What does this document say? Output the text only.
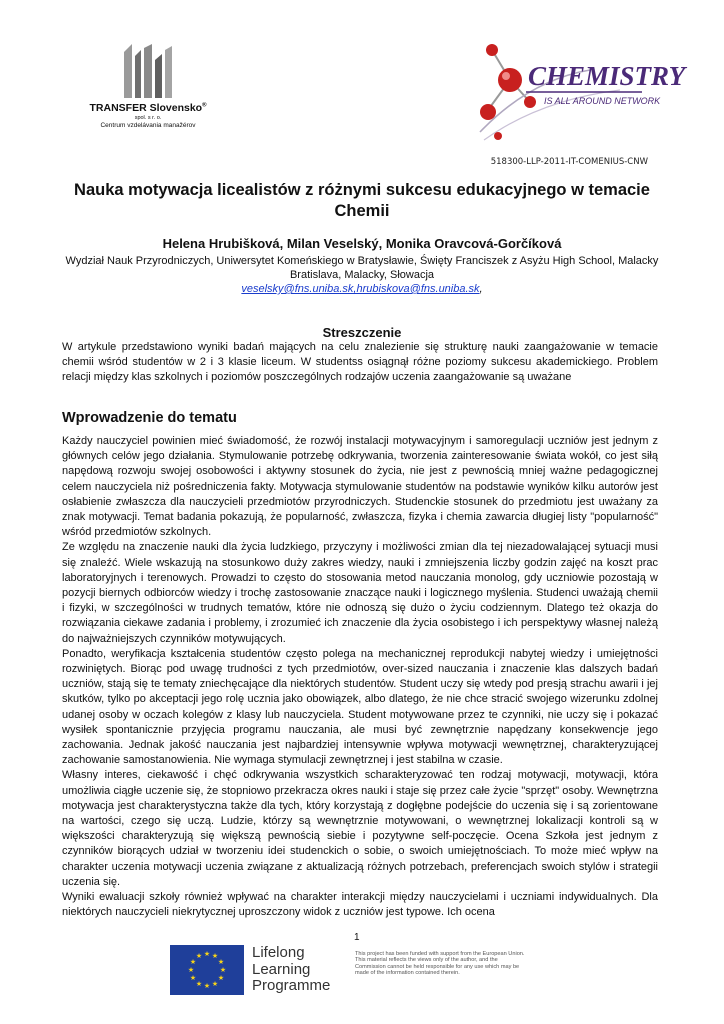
TRANSFER Slovensko®
spol. s r. o.
Centrum vzdelávania manažérov
CHEMISTRY
IS ALL AROUND NETWORK
518300-LLP-2011-IT-COMENIUS-CNW
Nauka motywacja licealistów z różnymi sukcesu edukacyjnego w temacie Chemii
Helena Hrubišková, Milan Veselský, Monika Oravcová-Gorčíková
Wydział Nauk Przyrodniczych, Uniwersytet Komeńskiego w Bratysławie, Święty Franciszek z Asyżu High School, Malacky
Bratislava, Malacky, Słowacja
veselsky@fns.uniba.sk,hrubiskova@fns.uniba.sk,
Streszczenie
W artykule przedstawiono wyniki badań mających na celu znalezienie się strukturę nauki zaangażowanie w temacie chemii wśród studentów w 2 i 3 klasie liceum. W studentss osiągnął różne poziomy sukcesu akademickiego. Problem relacji między klas szkolnych i poziomów poszczególnych rodzajów uczenia zaangażowanie są uważane
Wprowadzenie do tematu

Każdy nauczyciel powinien mieć świadomość, że rozwój instalacji motywacyjnym i samoregulacji uczniów jest jednym z głównych celów jego działania. Stymulowanie potrzebę odkrywania, tworzenia zainteresowanie świata wokół, co jest siłą napędową rozwoju swojej osobowości i aktywny stosunek do życia, nie jest z pewnością mniej ważne pedagogicznej celem nauczyciela niż pośredniczenia fakty. Motywacja stymulowanie studentów na podstawie wyników kilku autorów jest osłabienie zwłaszcza dla nauczycieli przedmiotów przyrodniczych. Studenckie stosunek do przedmiotu jest uważany za znak motywacji. Temat badania pokazują, że popularność, zwłaszcza, fizyka i chemia zawarcia długiej listy "popularność" wśród przedmiotów szkolnych.

Ze względu na znaczenie nauki dla życia ludzkiego, przyczyny i możliwości zmian dla tej niezadowalającej sytuacji musi się znaleźć. Wiele wskazują na stosunkowo duży zakres wiedzy, nauki i zmniejszenia liczby godzin zajęć na koszt prac laboratoryjnych i terenowych. Prowadzi to często do stosowania metod nauczania monolog, gdy uczniowie pozostają w pozycji biernych odbiorców wiedzy i trochę zastosowanie znaczące nauki i logicznego myślenia. Studenci uważają chemii i fizyki, w szczególności w trudnych tematów, które nie odnoszą się dużo o życiu codziennym. Dlatego też okazja do rozwiązania ciekawe zadania i problemy, i zrozumieć ich znaczenie dla życia osobistego i ich perspektywy własnej należą do najważniejszych czynników motywujących.

Ponadto, weryfikacja kształcenia studentów często polega na mechanicznej reprodukcji nabytej wiedzy i umiejętności rozwiniętych. Biorąc pod uwagę trudności z tych przedmiotów, over-sized nauczania i znaczenie klas dalszych badań uczniów, stają się te tematy zniechęcające dla niektórych studentów. Student uczy się wtedy pod presją strachu awarii i jej skutków, tylko po akceptacji jego rolę ucznia jako obowiązek, albo dlatego, że nie chce stracić swojego wizerunku zdolnej udanej osoby w oczach kolegów z klasy lub nauczyciela. Student motywowane przez te czynniki, nie uczy się i pokazać wysiłek spontanicznie przyjęcia programu nauczania, ale musi być zewnętrznie napędzany konsekwencje jego zachowania. Jednak jakość nauczania jest najbardziej intensywnie wpływa motywacji wewnętrznej, charakteryzującej zachowanie samostanowienia. Nie wymaga stymulacji zewnętrznej i jest stabilna w czasie.

Własny interes, ciekawość i chęć odkrywania wszystkich scharakteryzować ten rodzaj motywacji, motywacji, która umożliwia ciągłe uczenie się, że stopniowo przekracza okres nauki i staje się przez całe życie "sprzęt" osoby. Wewnętrzna motywacja jest charakterystyczna także dla tych, który korzystają z dogłębne podejście do uczenia się i są zorientowane na wartości, czego się uczą. Ludzie, którzy są wewnętrznie motywowani, o wewnętrznej lokalizacji kontroli są w większości charakteryzują się większą pewnością siebie i pozytywne self-poczęcie. Ocena Szkoła jest jednym z czynników biorących udział w tworzeniu idei studenckich o sobie, o swoich umiejętnościach. To może mieć wpływ na charakter uczenia motywacji uczenia związane z aktualizacją różnych potrzebach, preferencjach swoich stylów i strategii uczenia się.

Wyniki ewaluacji szkoły również wpływać na charakter interakcji między nauczycielami i uczniami indywidualnych. Dla niektórych nauczycieli niekrytycznej uproszczony widok z uczniów jest typowe. Ich ocena

1
★ ★
★
★
★
★
★
★
★
★
★
★	Lifelong
Learning
Programme
This project has been funded with support from the European Union. This material reflects the views only of the author, and the Commission cannot be held responsible for any use which may be made of the information contained therein.
